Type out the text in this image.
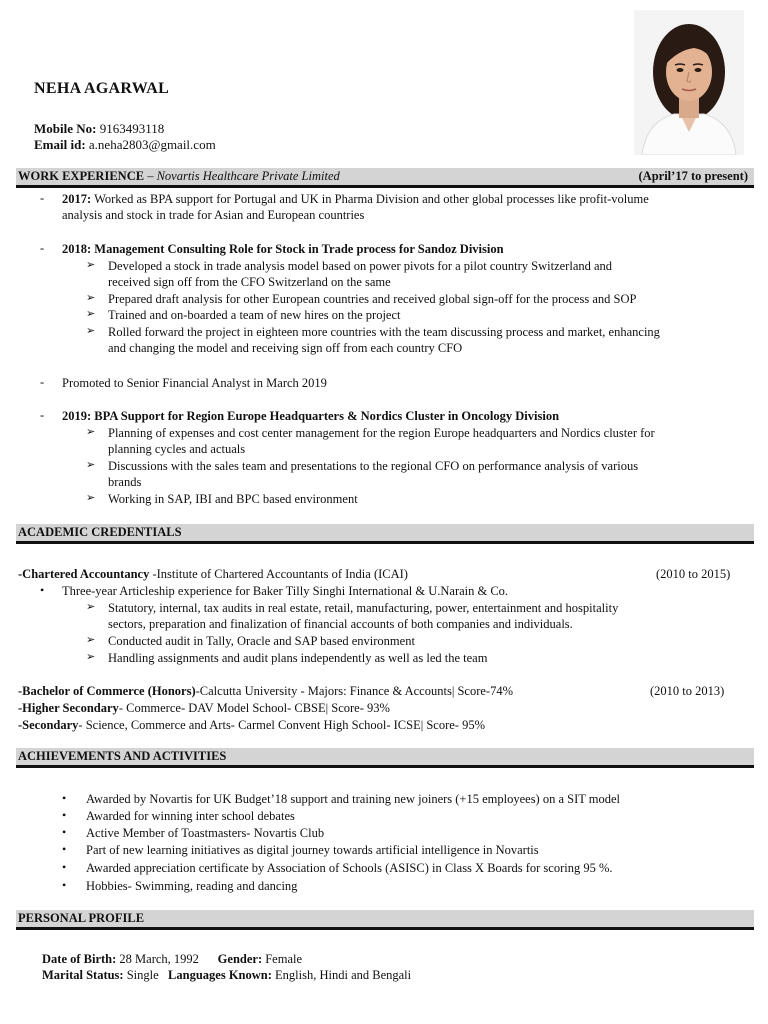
NEHA AGARWAL
Mobile No: 9163493118
Email id: a.neha2803@gmail.com
WORK EXPERIENCE – Novartis Healthcare Private Limited	(April’17 to present)
- 2017: Worked as BPA support for Portugal and UK in Pharma Division and other global processes like profit-volume
analysis and stock in trade for Asian and European countries
- 2018: Management Consulting Role for Stock in Trade process for Sandoz Division
➢ Developed a stock in trade analysis model based on power pivots for a pilot country Switzerland and
received sign off from the CFO Switzerland on the same
➢ Prepared draft analysis for other European countries and received global sign-off for the process and SOP
➢ Trained and on-boarded a team of new hires on the project
➢ Rolled forward the project in eighteen more countries with the team discussing process and market, enhancing
and changing the model and receiving sign off from each country CFO
- Promoted to Senior Financial Analyst in March 2019
- 2019: BPA Support for Region Europe Headquarters & Nordics Cluster in Oncology Division
➢ Planning of expenses and cost center management for the region Europe headquarters and Nordics cluster for
planning cycles and actuals
➢ Discussions with the sales team and presentations to the regional CFO on performance analysis of various
brands
➢ Working in SAP, IBI and BPC based environment
ACADEMIC CREDENTIALS
-Chartered Accountancy -Institute of Chartered Accountants of India (ICAI)	(2010 to 2015)
• Three-year Articleship experience for Baker Tilly Singhi International & U.Narain & Co.
➢ Statutory, internal, tax audits in real estate, retail, manufacturing, power, entertainment and hospitality
sectors, preparation and finalization of financial accounts of both companies and individuals.
➢ Conducted audit in Tally, Oracle and SAP based environment
➢ Handling assignments and audit plans independently as well as led the team
-Bachelor of Commerce (Honors)-Calcutta University - Majors: Finance & Accounts| Score-74%	(2010 to 2013)
-Higher Secondary- Commerce- DAV Model School- CBSE| Score- 93%
-Secondary- Science, Commerce and Arts- Carmel Convent High School- ICSE| Score- 95%
ACHIEVEMENTS AND ACTIVITIES
• Awarded by Novartis for UK Budget’18 support and training new joiners (+15 employees) on a SIT model
• Awarded for winning inter school debates
• Active Member of Toastmasters- Novartis Club
• Part of new learning initiatives as digital journey towards artificial intelligence in Novartis
• Awarded appreciation certificate by Association of Schools (ASISC) in Class X Boards for scoring 95 %.
• Hobbies- Swimming, reading and dancing
PERSONAL PROFILE
Date of Birth: 28 March, 1992 Gender: Female
Marital Status: Single Languages Known: English, Hindi and Bengali
